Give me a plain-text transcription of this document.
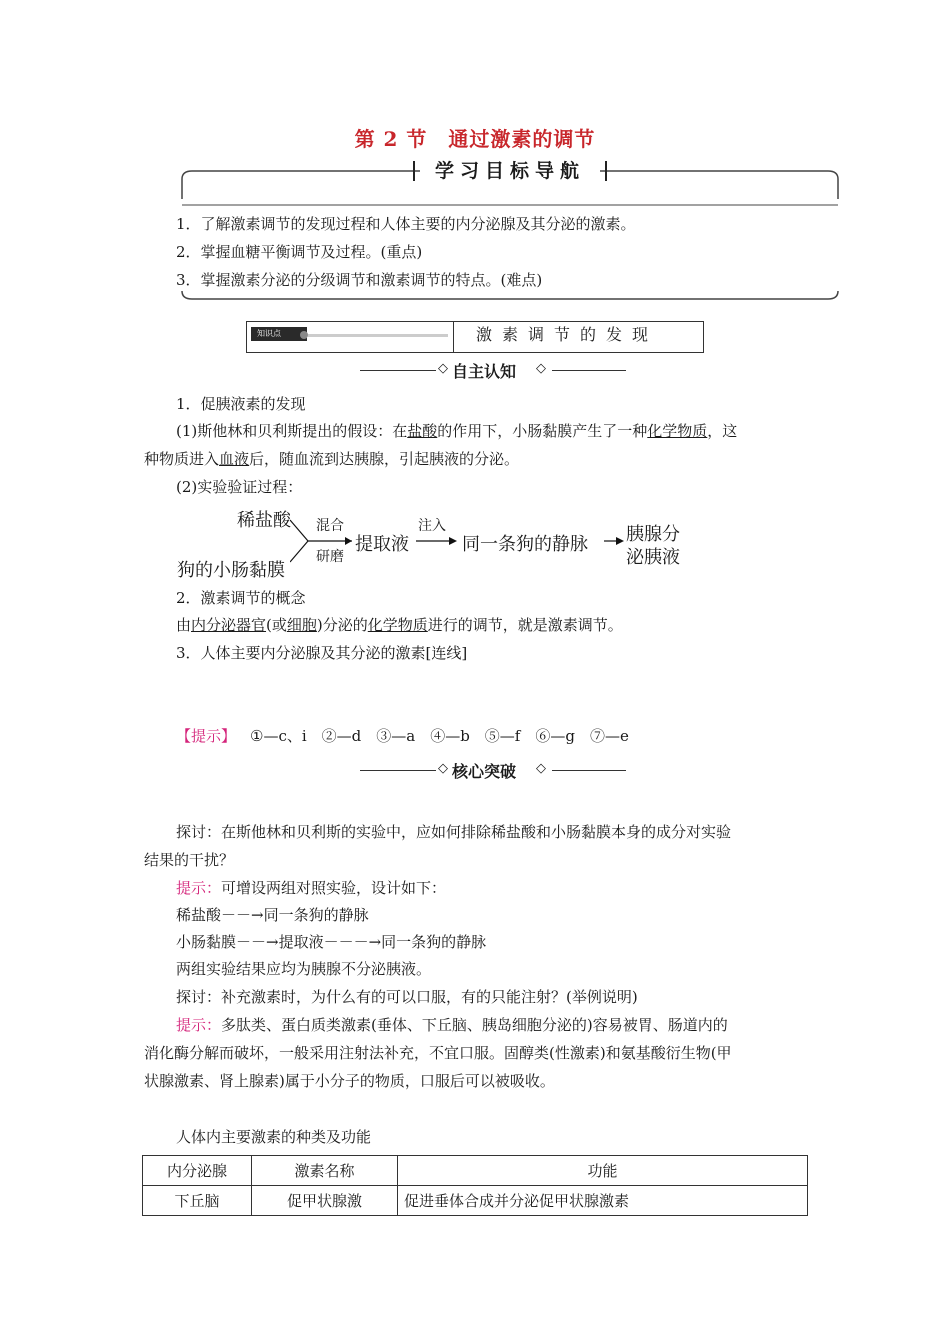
第 2 节　通过激素的调节
学习目标导航
1．了解激素调节的发现过程和人体主要的内分泌腺及其分泌的激素。
2．掌握血糖平衡调节及过程。(重点)
3．掌握激素分泌的分级调节和激素调节的特点。(难点)
知识点	激素调节的发现
◇ 自主认知 ◇
1．促胰液素的发现
(1)斯他林和贝利斯提出的假设：在盐酸的作用下，小肠黏膜产生了一种化学物质，这
种物质进入血液后，随血流到达胰腺，引起胰液的分泌。
(2)实验验证过程：
稀盐酸
狗的小肠黏膜
混合
研磨
提取液
注入
同一条狗的静脉 胰腺分
泌胰液
2．激素调节的概念
由内分泌器官(或细胞)分泌的化学物质进行的调节，就是激素调节。
3．人体主要内分泌腺及其分泌的激素[连线]
【提示】 ①—c、i　②—d　③—a　④—b　⑤—f　⑥—g　⑦—e
◇ 核心突破 ◇
探讨：在斯他林和贝利斯的实验中，应如何排除稀盐酸和小肠黏膜本身的成分对实验
结果的干扰？
提示：可增设两组对照实验，设计如下：
稀盐酸－－→同一条狗的静脉
小肠黏膜－－→提取液－－－→同一条狗的静脉
两组实验结果应均为胰腺不分泌胰液。
探讨：补充激素时，为什么有的可以口服，有的只能注射？(举例说明)
提示：多肽类、蛋白质类激素(垂体、下丘脑、胰岛细胞分泌的)容易被胃、肠道内的
消化酶分解而破坏，一般采用注射法补充，不宜口服。固醇类(性激素)和氨基酸衍生物(甲
状腺激素、肾上腺素)属于小分子的物质，口服后可以被吸收。
人体内主要激素的种类及功能
内分泌腺	激素名称	功能
下丘脑	促甲状腺激	促进垂体合成并分泌促甲状腺激素
